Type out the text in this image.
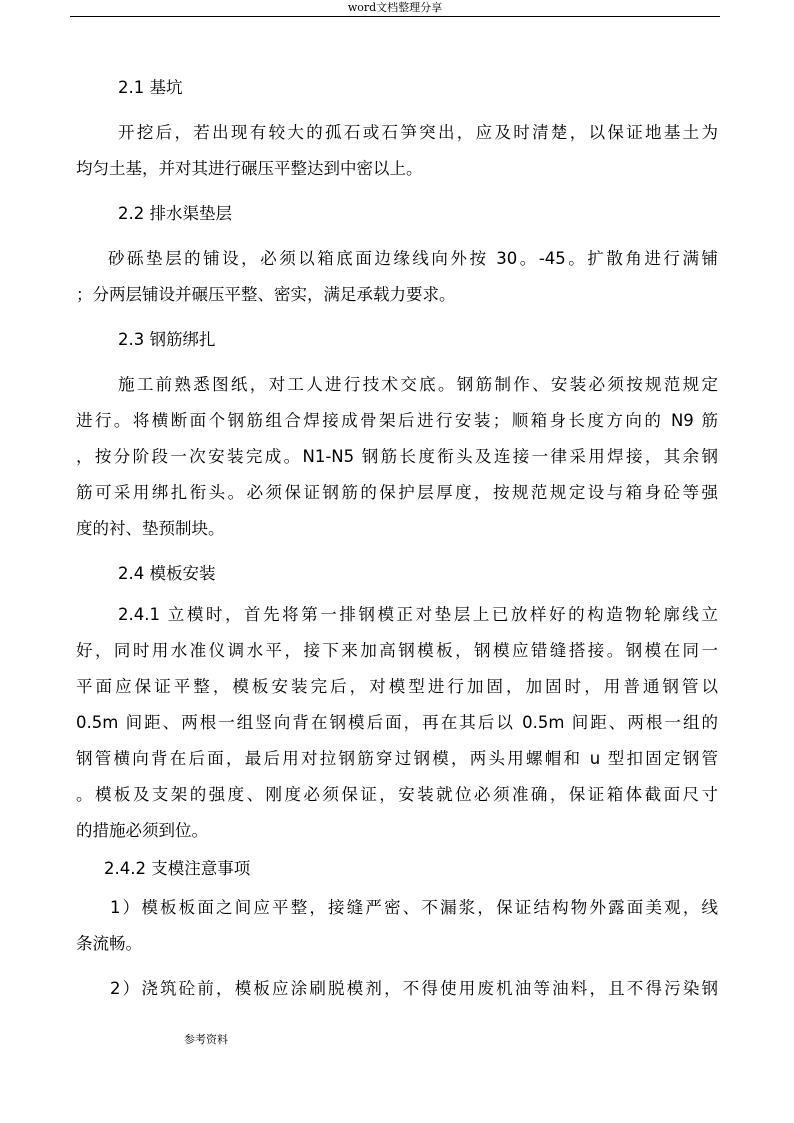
word文档整理分享
2.1 基坑
开挖后，若出现有较大的孤石或石笋突出，应及时清楚，以保证地基土为
均匀土基，并对其进行碾压平整达到中密以上。
2.2 排水渠垫层
砂砾垫层的铺设，必须以箱底面边缘线向外按 30。-45。扩散角进行满铺
；分两层铺设并碾压平整、密实，满足承载力要求。
2.3 钢筋绑扎
施工前熟悉图纸，对工人进行技术交底。钢筋制作、安装必须按规范规定
进行。将横断面个钢筋组合焊接成骨架后进行安装；顺箱身长度方向的 N9 筋
，按分阶段一次安装完成。N1-N5 钢筋长度衔头及连接一律采用焊接，其余钢
筋可采用绑扎衔头。必须保证钢筋的保护层厚度，按规范规定设与箱身砼等强
度的衬、垫预制块。
2.4 模板安装
2.4.1 立模时，首先将第一排钢模正对垫层上已放样好的构造物轮廓线立
好，同时用水准仪调水平，接下来加高钢模板，钢模应错缝搭接。钢模在同一
平面应保证平整，模板安装完后，对模型进行加固，加固时，用普通钢管以
0.5m 间距、两根一组竖向背在钢模后面，再在其后以 0.5m 间距、两根一组的
钢管横向背在后面，最后用对拉钢筋穿过钢模，两头用螺帽和 u 型扣固定钢管
。模板及支架的强度、刚度必须保证，安装就位必须准确，保证箱体截面尺寸
的措施必须到位。
2.4.2 支模注意事项
1）模板板面之间应平整，接缝严密、不漏浆，保证结构物外露面美观，线
条流畅。
2）浇筑砼前，模板应涂刷脱模剂，不得使用废机油等油料，且不得污染钢
参考资料
